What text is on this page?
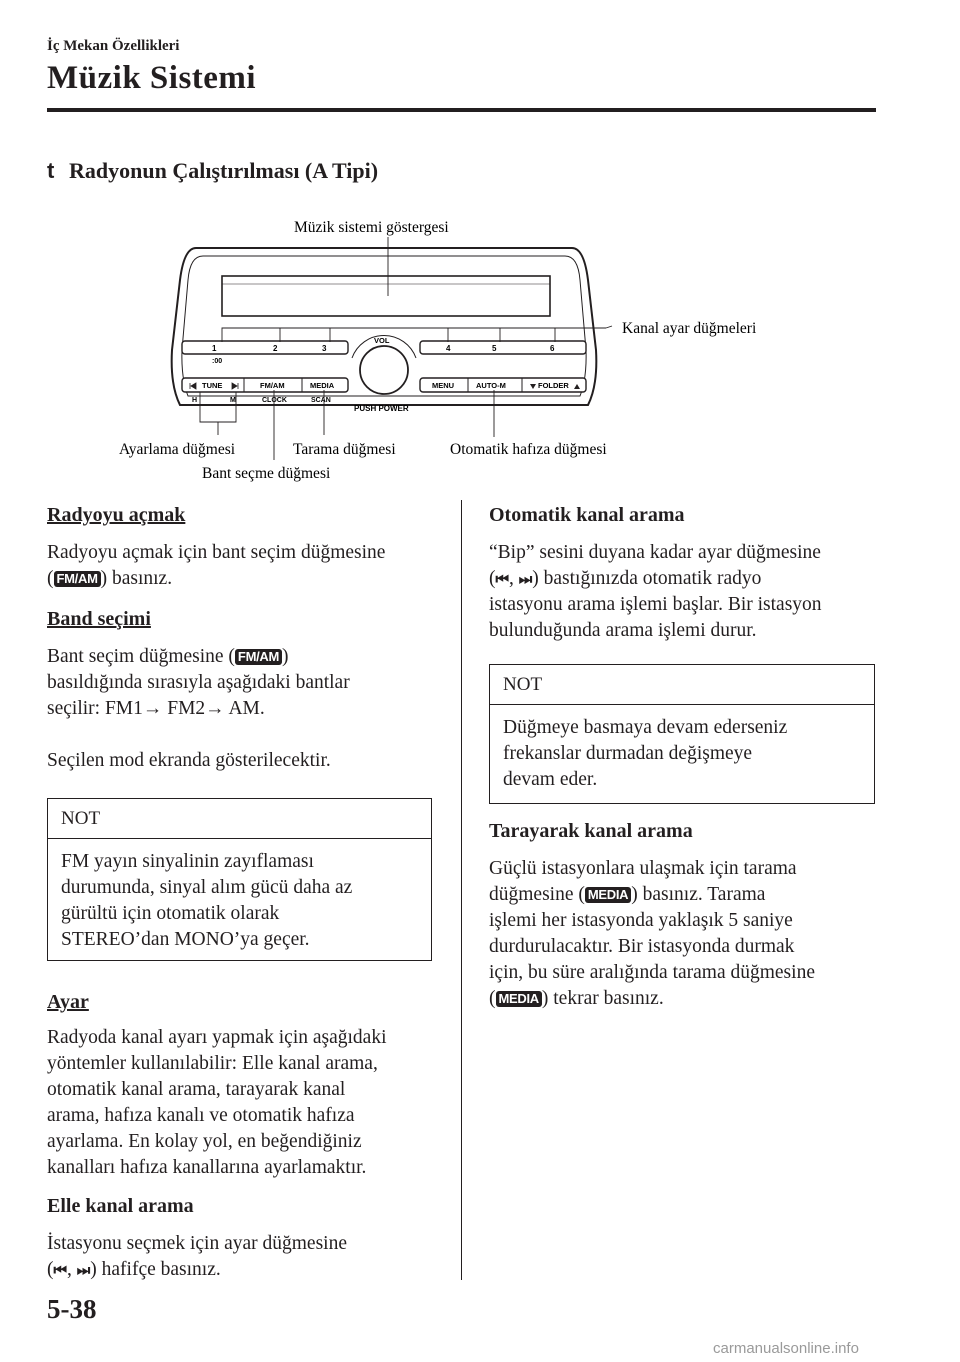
İç Mekan Özellikleri
Müzik Sistemi
t Radyonun Çalıştırılması (A Tipi)
1	2	3	4	5	6
:00
VOL
PUSH POWER
TUNE	FM/AM	MEDIA	MENU	AUTO-M	FOLDER
H	M	CLOCK	SCAN
Müzik sistemi göstergesi
Kanal ayar düğmeleri
Ayarlama düğmesi	Tarama düğmesi
Bant seçme düğmesi
Otomatik hafıza düğmesi

Radyoyu açmak

Radyoyu açmak için bant seçim düğmesine

( FM/AM ) basınız.

Band seçimi

Bant seçim düğmesine ( FM/AM )

basıldığında sırasıyla aşağıdaki bantlar

seçilir: FM1→ FM2→ AM.

Seçilen mod ekranda gösterilecektir.

NOT
FM yayın sinyalinin zayıflaması
durumunda, sinyal alım gücü daha az
gürültü için otomatik olarak
STEREO’dan MONO’ya geçer.

Ayar

Radyoda kanal ayarı yapmak için aşağıdaki

yöntemler kullanılabilir: Elle kanal arama,

otomatik kanal arama, tarayarak kanal

arama, hafıza kanalı ve otomatik hafıza

ayarlama. En kolay yol, en beğendiğiniz

kanalları hafıza kanallarına ayarlamaktır.

Elle kanal arama

İstasyonu seçmek için ayar düğmesine

(⏮, ⏭) hafifçe basınız.

Otomatik kanal arama

“Bip” sesini duyana kadar ayar düğmesine

(⏮, ⏭) bastığınızda otomatik radyo

istasyonu arama işlemi başlar. Bir istasyon

bulunduğunda arama işlemi durur.

NOT
Düğmeye basmaya devam ederseniz
frekanslar durmadan değişmeye
devam eder.

Tarayarak kanal arama

Güçlü istasyonlara ulaşmak için tarama

düğmesine ( MEDIA ) basınız. Tarama

işlemi her istasyonda yaklaşık 5 saniye

durdurulacaktır. Bir istasyonda durmak

için, bu süre aralığında tarama düğmesine

( MEDIA ) tekrar basınız.

5-38
carmanualsonline.info
